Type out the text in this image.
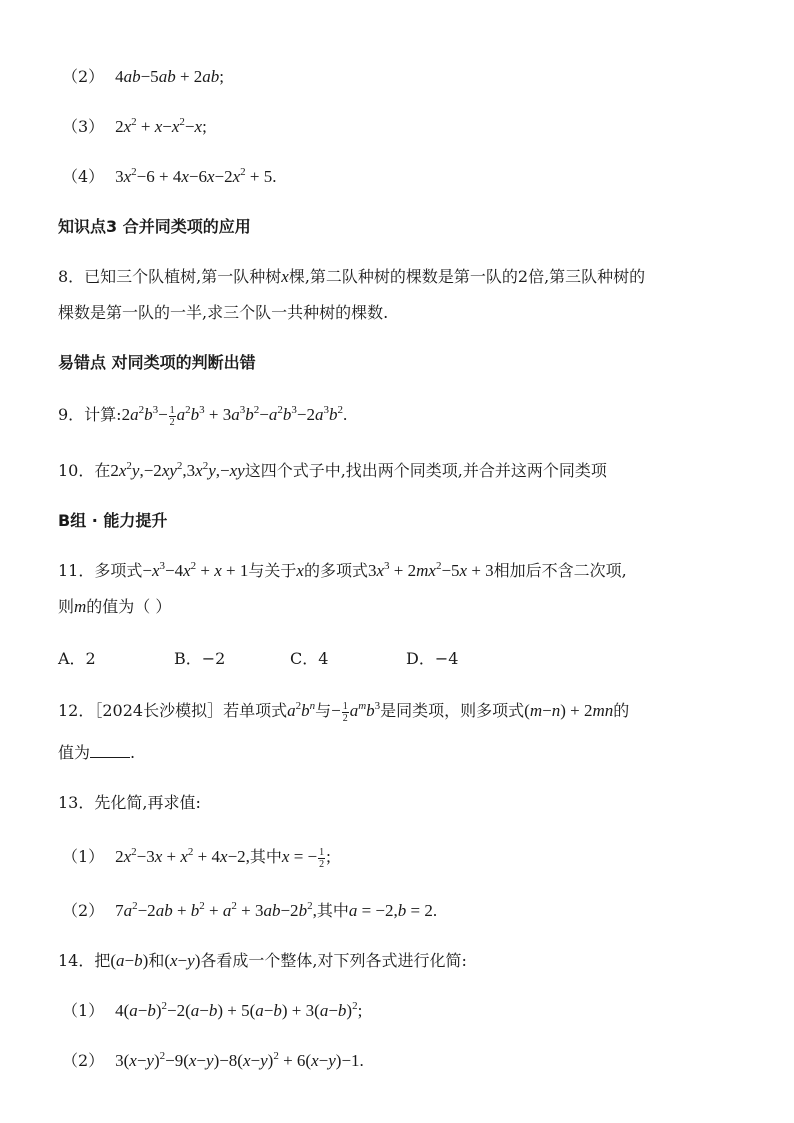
（2） 4ab−5ab + 2ab;
（3） $2x^2 + x-x^2-x$;
（4） $3x^2-6 + 4x-6x-2x^2 + 5$.
知识点3 合并同类项的应用
8．已知三个队植树,第一队种树x棵,第二队种树的棵数是第一队的2倍,第三队种树的
棵数是第一队的一半,求三个队一共种树的棵数.
易错点 对同类项的判断出错
9．计算$:2a^2b^3- \frac{1}{2} a^2b^3 + 3a^3b^2-a^2b^3-2a^3b^2$.
10．在$2x^2y,-2xy^2,3x^2y,-xy$这四个式子中,找出两个同类项,并合并这两个同类项
B组 · 能力提升
11．多项式$-x^3-4x^2 + x + 1$与关于x的多项式$3x^3 + 2mx^2-5x + 3$相加后不含二次项,
则m的值为（ ）
A．2	B．−2	C．4	D．−4
12．［2024长沙模拟］若单项式$a^2b^n$与− $\frac{1}{2} a^mb^3$是同类项，则多项式(m−n) + 2mn的
值为	.
13．先化简,再求值:
（1） $2x^2-3x + x^2 + 4x-2$,其中x = − $\frac{1}{2}$ ;
（2） $7a^2-2ab + b^2 + a^2 + 3ab-2b^2$,其中a = −2,b = 2.
14．把(a−b)和(x−y)各看成一个整体,对下列各式进行化简:
（1） $4(a-b)^2-2(a-b) + 5(a-b) + 3(a-b)^2$;
（2） $3(x-y)^2-9(x-y)-8(x-y)^2 + 6(x-y)-1$.
